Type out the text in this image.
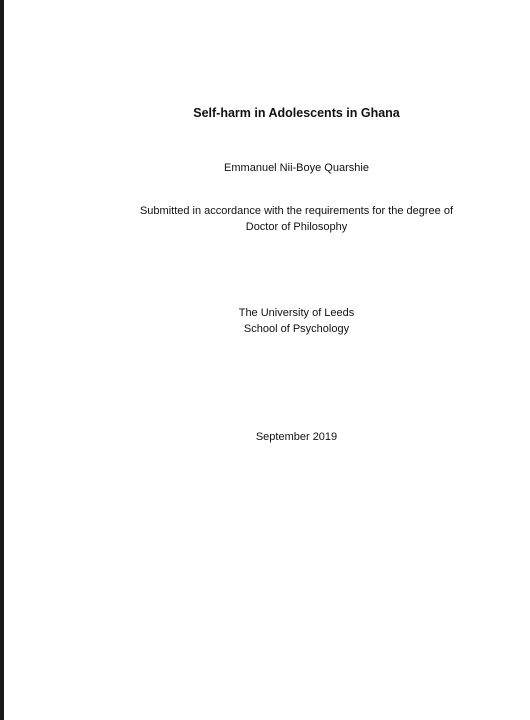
Self-harm in Adolescents in Ghana
Emmanuel Nii-Boye Quarshie
Submitted in accordance with the requirements for the degree of
Doctor of Philosophy
The University of Leeds
School of Psychology
September 2019
